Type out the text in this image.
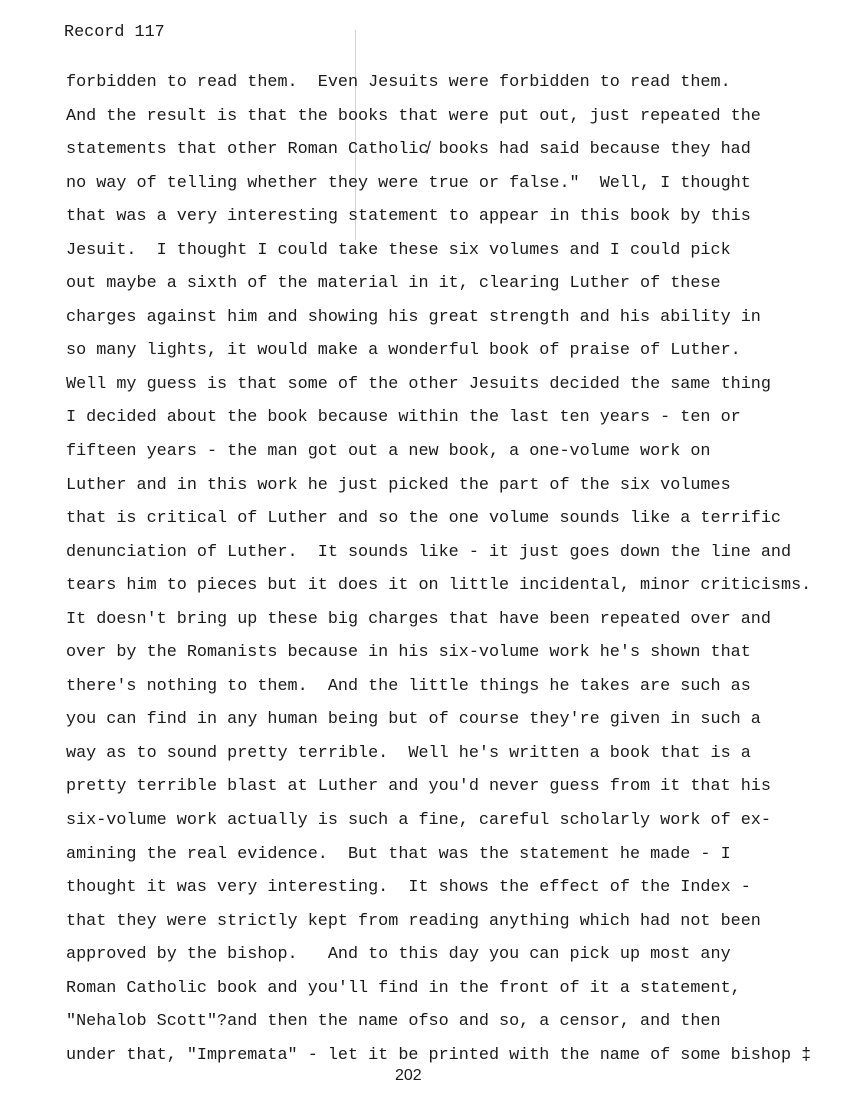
Record 117
forbidden to read them.  Even Jesuits were forbidden to read them.
And the result is that the books that were put out, just repeated the
statements that other Roman Catholic̸ books had said because they had
no way of telling whether they were true or false."  Well, I thought
that was a very interesting statement to appear in this book by this
Jesuit.  I thought I could take these six volumes and I could pick
out maybe a sixth of the material in it, clearing Luther of these
charges against him and showing his great strength and his ability in
so many lights, it would make a wonderful book of praise of Luther.
Well my guess is that some of the other Jesuits decided the same thing
I decided about the book because within the last ten years - ten or
fifteen years - the man got out a new book, a one-volume work on
Luther and in this work he just picked the part of the six volumes
that is critical of Luther and so the one volume sounds like a terrific
denunciation of Luther.  It sounds like - it just goes down the line and
tears him to pieces but it does it on little incidental, minor criticisms.
It doesn't bring up these big charges that have been repeated over and
over by the Romanists because in his six-volume work he's shown that
there's nothing to them.  And the little things he takes are such as
you can find in any human being but of course they're given in such a
way as to sound pretty terrible.  Well he's written a book that is a
pretty terrible blast at Luther and you'd never guess from it that his
six-volume work actually is such a fine, careful scholarly work of ex-
amining the real evidence.  But that was the statement he made - I
thought it was very interesting.  It shows the effect of the Index -
that they were strictly kept from reading anything which had not been
approved by the bishop.   And to this day you can pick up most any
Roman Catholic book and you'll find in the front of it a statement,
"Nehalob Scott"?and then the name ofso and so, a censor, and then
under that, "Impremata" - let it be printed with the name of some bishop ‡
202
